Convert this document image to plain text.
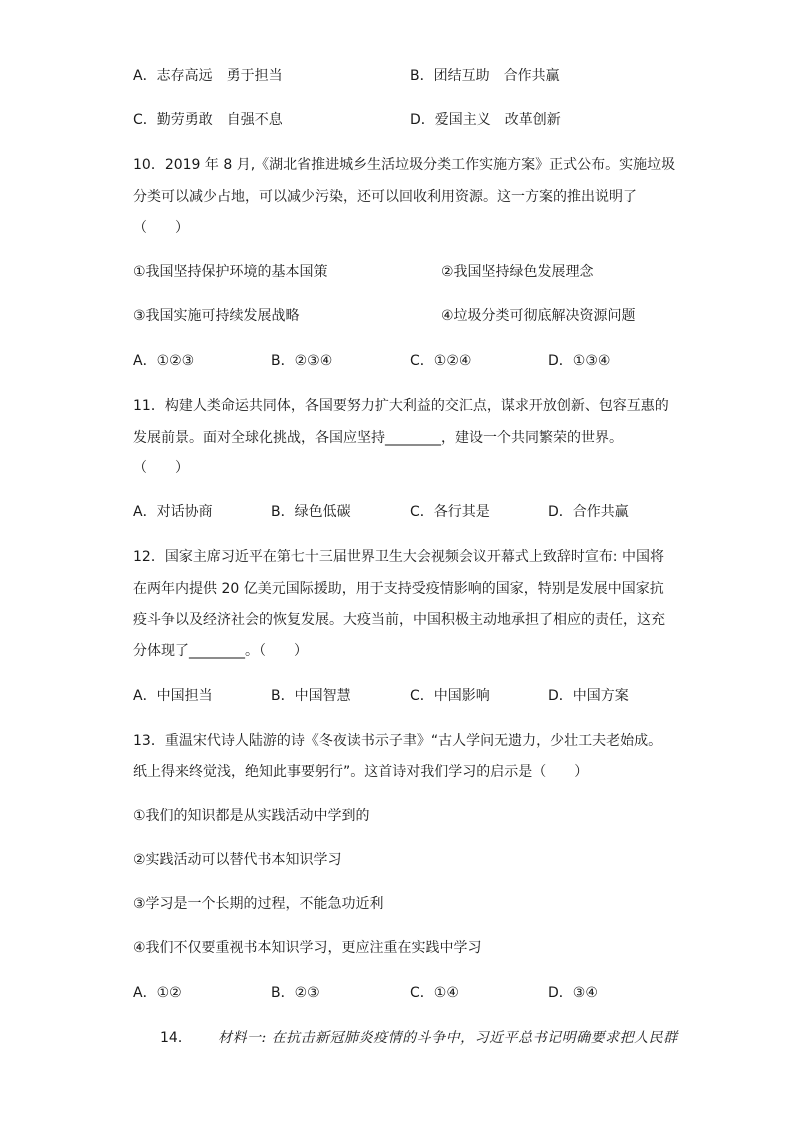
A．志存高远　勇于担当	B．团结互助　合作共赢
C．勤劳勇敢　自强不息	D．爱国主义　改革创新
10．2019 年 8 月,《湖北省推进城乡生活垃圾分类工作实施方案》正式公布。实施垃圾
分类可以减少占地，可以减少污染，还可以回收利用资源。这一方案的推出说明了
（　　）
①我国坚持保护环境的基本国策	②我国坚持绿色发展理念
③我国实施可持续发展战略	④垃圾分类可彻底解决资源问题
A．①②③	B．②③④	C．①②④	D．①③④
11．构建人类命运共同体，各国要努力扩大利益的交汇点，谋求开放创新、包容互惠的
发展前景。面对全球化挑战，各国应坚持________，建设一个共同繁荣的世界。
（　　）
A．对话协商	B．绿色低碳	C．各行其是	D．合作共赢
12．国家主席习近平在第七十三届世界卫生大会视频会议开幕式上致辞时宣布: 中国将
在两年内提供 20 亿美元国际援助，用于支持受疫情影响的国家，特别是发展中国家抗
疫斗争以及经济社会的恢复发展。大疫当前，中国积极主动地承担了相应的责任，这充
分体现了________。（　　）
A．中国担当	B．中国智慧	C．中国影响	D．中国方案
13．重温宋代诗人陆游的诗《冬夜读书示子聿》“古人学问无遗力，少壮工夫老始成。
纸上得来终觉浅，绝知此事要躬行”。这首诗对我们学习的启示是（　　）
①我们的知识都是从实践活动中学到的
②实践活动可以替代书本知识学习
③学习是一个长期的过程，不能急功近利
④我们不仅要重视书本知识学习，更应注重在实践中学习
A．①②	B．②③	C．①④	D．③④
14． 材料一: 在抗击新冠肺炎疫情的斗争中，习近平总书记明确要求把人民群
